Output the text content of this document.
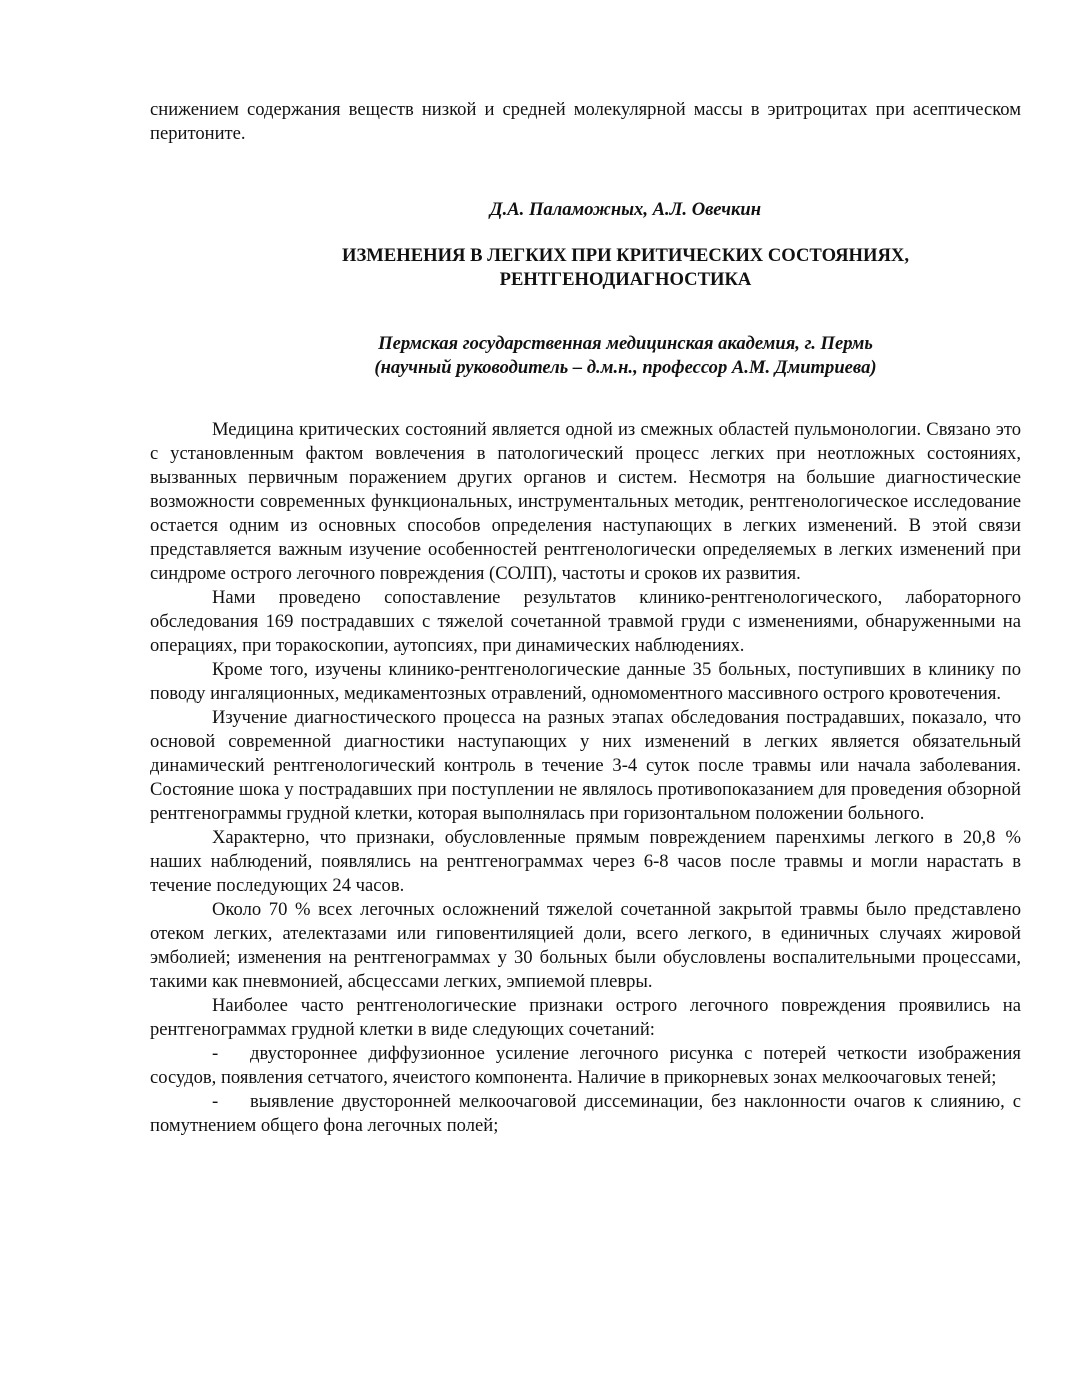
снижением содержания веществ низкой и средней молекулярной массы в эритроцитах при асептическом перитоните.

Д.А. Паламожных, А.Л. Овечкин

ИЗМЕНЕНИЯ В ЛЕГКИХ ПРИ КРИТИЧЕСКИХ СОСТОЯНИЯХ,
РЕНТГЕНОДИАГНОСТИКА
Пермская государственная медицинская академия, г. Пермь
(научный руководитель – д.м.н., профессор А.М. Дмитриева)

Медицина критических состояний является одной из смежных областей пульмонологии. Связано это с установленным фактом вовлечения в патологический процесс легких при неотложных состояниях, вызванных первичным поражением других органов и систем. Несмотря на большие диагностические возможности современных функциональных, инструментальных методик, рентгенологическое исследование остается одним из основных способов определения наступающих в легких изменений. В этой связи представляется важным изучение особенностей рентгенологически определяемых в легких изменений при синдроме острого легочного повреждения (СОЛП), частоты и сроков их развития.

Нами проведено сопоставление результатов клинико-рентгенологического, лабораторного обследования 169 пострадавших с тяжелой сочетанной травмой груди с изменениями, обнаруженными на операциях, при торакоскопии, аутопсиях, при динамических наблюдениях.

Кроме того, изучены клинико-рентгенологические данные 35 больных, поступивших в клинику по поводу ингаляционных, медикаментозных отравлений, одномоментного массивного острого кровотечения.

Изучение диагностического процесса на разных этапах обследования пострадавших, показало, что основой современной диагностики наступающих у них изменений в легких является обязательный динамический рентгенологический контроль в течение 3-4 суток после травмы или начала заболевания. Состояние шока у пострадавших при поступлении не являлось противопоказанием для проведения обзорной рентгенограммы грудной клетки, которая выполнялась при горизонтальном положении больного.

Характерно, что признаки, обусловленные прямым повреждением паренхимы легкого в 20,8 % наших наблюдений, появлялись на рентгенограммах через 6-8 часов после травмы и могли нарастать в течение последующих 24 часов.

Около 70 % всех легочных осложнений тяжелой сочетанной закрытой травмы было представлено отеком легких, ателектазами или гиповентиляцией доли, всего легкого, в единичных случаях жировой эмболией; изменения на рентгенограммах у 30 больных были обусловлены воспалительными процессами, такими как пневмонией, абсцессами легких, эмпиемой плевры.

Наиболее часто рентгенологические признаки острого легочного повреждения проявились на рентгенограммах грудной клетки в виде следующих сочетаний:

- двустороннее диффузионное усиление легочного рисунка с потерей четкости изображения сосудов, появления сетчатого, ячеистого компонента. Наличие в прикорневых зонах мелкоочаговых теней;

- выявление двусторонней мелкоочаговой диссеминации, без наклонности очагов к слиянию, с помутнением общего фона легочных полей;
